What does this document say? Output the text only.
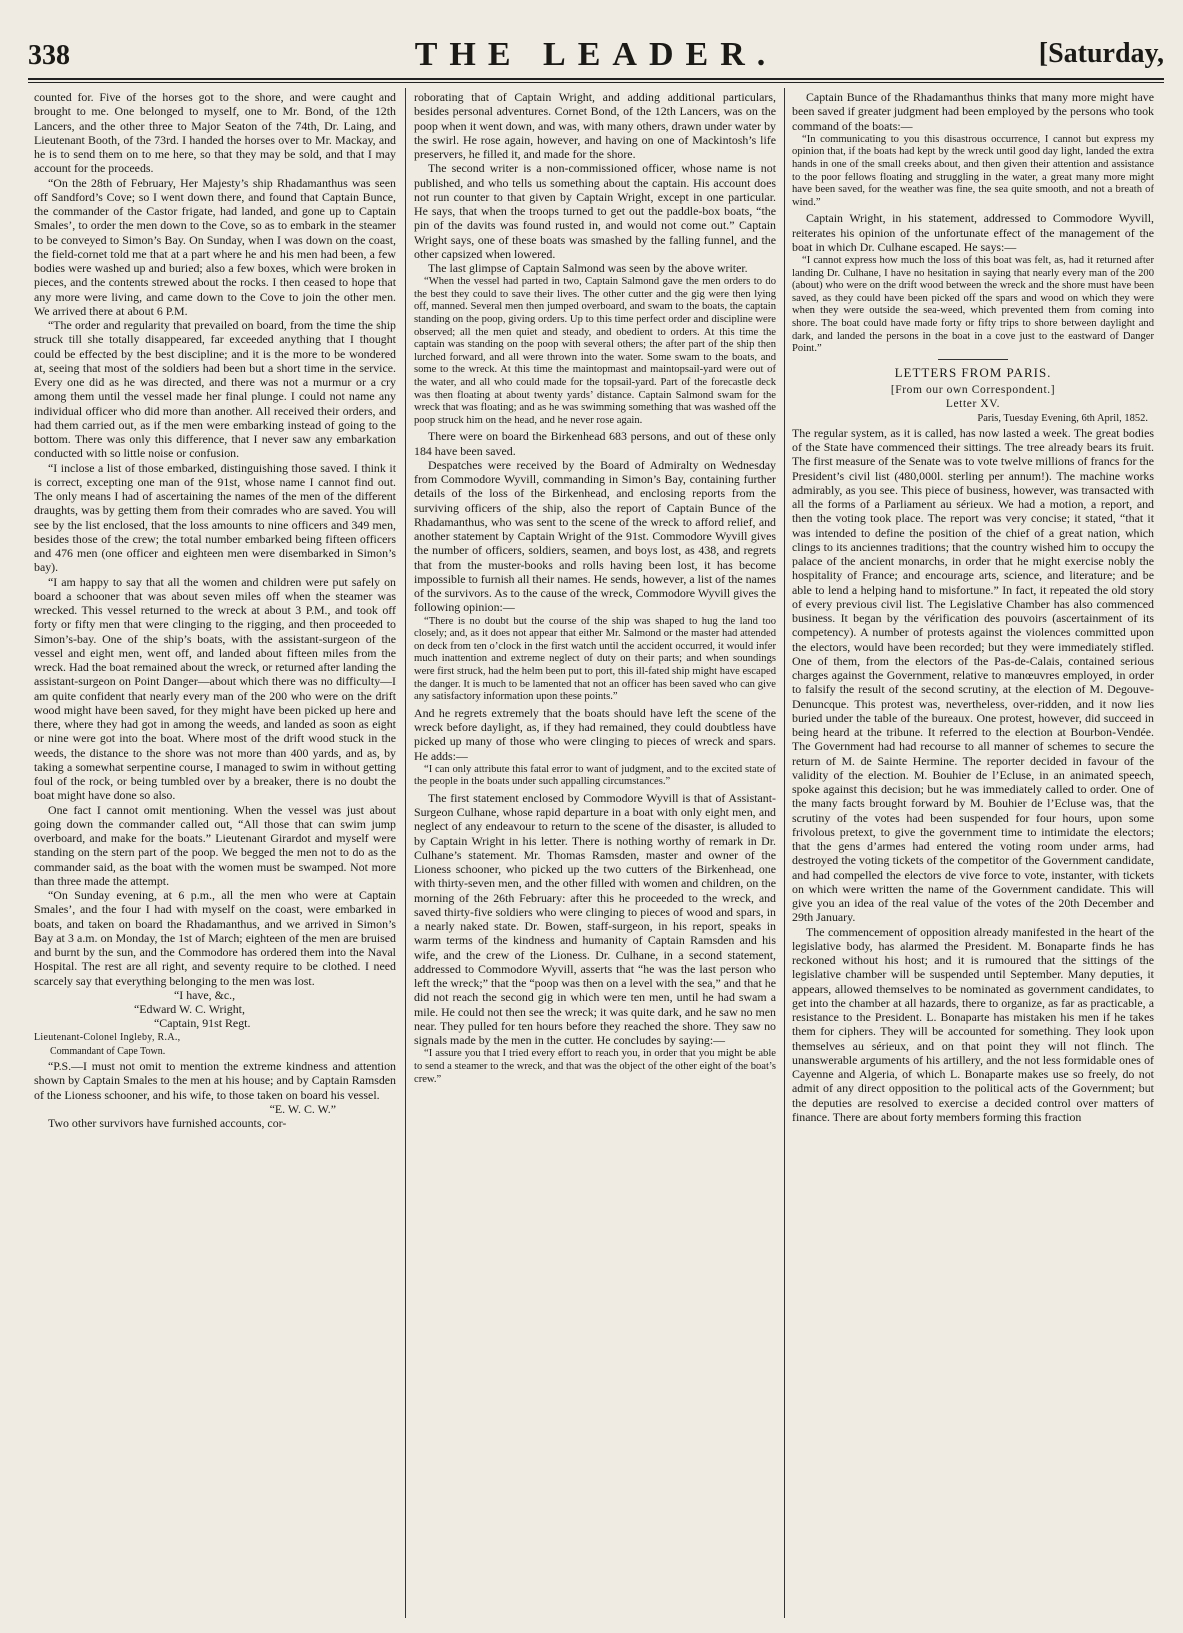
338	THE LEADER.	[Saturday,

counted for. Five of the horses got to the shore, and were caught and brought to me. One belonged to myself, one to Mr. Bond, of the 12th Lancers, and the other three to Major Seaton of the 74th, Dr. Laing, and Lieutenant Booth, of the 73rd. I handed the horses over to Mr. Mackay, and he is to send them on to me here, so that they may be sold, and that I may account for the proceeds.

“On the 28th of February, Her Majesty’s ship Rhadamanthus was seen off Sandford’s Cove; so I went down there, and found that Captain Bunce, the commander of the Castor frigate, had landed, and gone up to Captain Smales’, to order the men down to the Cove, so as to embark in the steamer to be conveyed to Simon’s Bay. On Sunday, when I was down on the coast, the field-cornet told me that at a part where he and his men had been, a few bodies were washed up and buried; also a few boxes, which were broken in pieces, and the contents strewed about the rocks. I then ceased to hope that any more were living, and came down to the Cove to join the other men. We arrived there at about 6 P.M.

“The order and regularity that prevailed on board, from the time the ship struck till she totally disappeared, far exceeded anything that I thought could be effected by the best discipline; and it is the more to be wondered at, seeing that most of the soldiers had been but a short time in the service. Every one did as he was directed, and there was not a murmur or a cry among them until the vessel made her final plunge. I could not name any individual officer who did more than another. All received their orders, and had them carried out, as if the men were embarking instead of going to the bottom. There was only this difference, that I never saw any embarkation conducted with so little noise or confusion.

“I inclose a list of those embarked, distinguishing those saved. I think it is correct, excepting one man of the 91st, whose name I cannot find out. The only means I had of ascertaining the names of the men of the different draughts, was by getting them from their comrades who are saved. You will see by the list enclosed, that the loss amounts to nine officers and 349 men, besides those of the crew; the total number embarked being fifteen officers and 476 men (one officer and eighteen men were disembarked in Simon’s bay).

“I am happy to say that all the women and children were put safely on board a schooner that was about seven miles off when the steamer was wrecked. This vessel returned to the wreck at about 3 P.M., and took off forty or fifty men that were clinging to the rigging, and then proceeded to Simon’s-bay. One of the ship’s boats, with the assistant-surgeon of the vessel and eight men, went off, and landed about fifteen miles from the wreck. Had the boat remained about the wreck, or returned after landing the assistant-surgeon on Point Danger—about which there was no difficulty—I am quite confident that nearly every man of the 200 who were on the drift wood might have been saved, for they might have been picked up here and there, where they had got in among the weeds, and landed as soon as eight or nine were got into the boat. Where most of the drift wood stuck in the weeds, the distance to the shore was not more than 400 yards, and as, by taking a somewhat serpentine course, I managed to swim in without getting foul of the rock, or being tumbled over by a breaker, there is no doubt the boat might have done so also.

One fact I cannot omit mentioning. When the vessel was just about going down the commander called out, “All those that can swim jump overboard, and make for the boats.” Lieutenant Girardot and myself were standing on the stern part of the poop. We begged the men not to do as the commander said, as the boat with the women must be swamped. Not more than three made the attempt.

“On Sunday evening, at 6 p.m., all the men who were at Captain Smales’, and the four I had with myself on the coast, were embarked in boats, and taken on board the Rhadamanthus, and we arrived in Simon’s Bay at 3 a.m. on Monday, the 1st of March; eighteen of the men are bruised and burnt by the sun, and the Commodore has ordered them into the Naval Hospital. The rest are all right, and seventy require to be clothed. I need scarcely say that everything belonging to the men was lost.

“I have, &c.,

“Edward W. C. Wright,

“Captain, 91st Regt.

Lieutenant-Colonel Ingleby, R.A.,

Commandant of Cape Town.

“P.S.—I must not omit to mention the extreme kindness and attention shown by Captain Smales to the men at his house; and by Captain Ramsden of the Lioness schooner, and his wife, to those taken on board his vessel.

“E. W. C. W.”

Two other survivors have furnished accounts, cor-

roborating that of Captain Wright, and adding additional particulars, besides personal adventures. Cornet Bond, of the 12th Lancers, was on the poop when it went down, and was, with many others, drawn under water by the swirl. He rose again, however, and having on one of Mackintosh’s life preservers, he filled it, and made for the shore.

The second writer is a non-commissioned officer, whose name is not published, and who tells us something about the captain. His account does not run counter to that given by Captain Wright, except in one particular. He says, that when the troops turned to get out the paddle-box boats, “the pin of the davits was found rusted in, and would not come out.” Captain Wright says, one of these boats was smashed by the falling funnel, and the other capsized when lowered.

The last glimpse of Captain Salmond was seen by the above writer.

“When the vessel had parted in two, Captain Salmond gave the men orders to do the best they could to save their lives. The other cutter and the gig were then lying off, manned. Several men then jumped overboard, and swam to the boats, the captain standing on the poop, giving orders. Up to this time perfect order and discipline were observed; all the men quiet and steady, and obedient to orders. At this time the captain was standing on the poop with several others; the after part of the ship then lurched forward, and all were thrown into the water. Some swam to the boats, and some to the wreck. At this time the maintopmast and maintopsail-yard were out of the water, and all who could made for the topsail-yard. Part of the forecastle deck was then floating at about twenty yards’ distance. Captain Salmond swam for the wreck that was floating; and as he was swimming something that was washed off the poop struck him on the head, and he never rose again.

There were on board the Birkenhead 683 persons, and out of these only 184 have been saved.

Despatches were received by the Board of Admiralty on Wednesday from Commodore Wyvill, commanding in Simon’s Bay, containing further details of the loss of the Birkenhead, and enclosing reports from the surviving officers of the ship, also the report of Captain Bunce of the Rhadamanthus, who was sent to the scene of the wreck to afford relief, and another statement by Captain Wright of the 91st. Commodore Wyvill gives the number of officers, soldiers, seamen, and boys lost, as 438, and regrets that from the muster-books and rolls having been lost, it has become impossible to furnish all their names. He sends, however, a list of the names of the survivors. As to the cause of the wreck, Commodore Wyvill gives the following opinion:—

“There is no doubt but the course of the ship was shaped to hug the land too closely; and, as it does not appear that either Mr. Salmond or the master had attended on deck from ten o’clock in the first watch until the accident occurred, it would infer much inattention and extreme neglect of duty on their parts; and when soundings were first struck, had the helm been put to port, this ill-fated ship might have escaped the danger. It is much to be lamented that not an officer has been saved who can give any satisfactory information upon these points.”

And he regrets extremely that the boats should have left the scene of the wreck before daylight, as, if they had remained, they could doubtless have picked up many of those who were clinging to pieces of wreck and spars. He adds:—

“I can only attribute this fatal error to want of judgment, and to the excited state of the people in the boats under such appalling circumstances.”

The first statement enclosed by Commodore Wyvill is that of Assistant-Surgeon Culhane, whose rapid departure in a boat with only eight men, and neglect of any endeavour to return to the scene of the disaster, is alluded to by Captain Wright in his letter. There is nothing worthy of remark in Dr. Culhane’s statement. Mr. Thomas Ramsden, master and owner of the Lioness schooner, who picked up the two cutters of the Birkenhead, one with thirty-seven men, and the other filled with women and children, on the morning of the 26th February: after this he proceeded to the wreck, and saved thirty-five soldiers who were clinging to pieces of wood and spars, in a nearly naked state. Dr. Bowen, staff-surgeon, in his report, speaks in warm terms of the kindness and humanity of Captain Ramsden and his wife, and the crew of the Lioness. Dr. Culhane, in a second statement, addressed to Commodore Wyvill, asserts that “he was the last person who left the wreck;” that the “poop was then on a level with the sea,” and that he did not reach the second gig in which were ten men, until he had swam a mile. He could not then see the wreck; it was quite dark, and he saw no men near. They pulled for ten hours before they reached the shore. They saw no signals made by the men in the cutter. He concludes by saying:—

“I assure you that I tried every effort to reach you, in order that you might be able to send a steamer to the wreck, and that was the object of the other eight of the boat’s crew.”

Captain Bunce of the Rhadamanthus thinks that many more might have been saved if greater judgment had been employed by the persons who took command of the boats:—

“In communicating to you this disastrous occurrence, I cannot but express my opinion that, if the boats had kept by the wreck until good day light, landed the extra hands in one of the small creeks about, and then given their attention and assistance to the poor fellows floating and struggling in the water, a great many more might have been saved, for the weather was fine, the sea quite smooth, and not a breath of wind.”

Captain Wright, in his statement, addressed to Commodore Wyvill, reiterates his opinion of the unfortunate effect of the management of the boat in which Dr. Culhane escaped. He says:—

“I cannot express how much the loss of this boat was felt, as, had it returned after landing Dr. Culhane, I have no hesitation in saying that nearly every man of the 200 (about) who were on the drift wood between the wreck and the shore must have been saved, as they could have been picked off the spars and wood on which they were when they were outside the sea-weed, which prevented them from coming into shore. The boat could have made forty or fifty trips to shore between daylight and dark, and landed the persons in the boat in a cove just to the eastward of Danger Point.”

LETTERS FROM PARIS.
[From our own Correspondent.]
Letter XV.
Paris, Tuesday Evening, 6th April, 1852.

The regular system, as it is called, has now lasted a week. The great bodies of the State have commenced their sittings. The tree already bears its fruit. The first measure of the Senate was to vote twelve millions of francs for the President’s civil list (480,000l. sterling per annum!). The machine works admirably, as you see. This piece of business, however, was transacted with all the forms of a Parliament au sérieux. We had a motion, a report, and then the voting took place. The report was very concise; it stated, “that it was intended to define the position of the chief of a great nation, which clings to its anciennes traditions; that the country wished him to occupy the palace of the ancient monarchs, in order that he might exercise nobly the hospitality of France; and encourage arts, science, and literature; and be able to lend a helping hand to misfortune.” In fact, it repeated the old story of every previous civil list. The Legislative Chamber has also commenced business. It began by the vérification des pouvoirs (ascertainment of its competency). A number of protests against the violences committed upon the electors, would have been recorded; but they were immediately stifled. One of them, from the electors of the Pas-de-Calais, contained serious charges against the Government, relative to manœuvres employed, in order to falsify the result of the second scrutiny, at the election of M. Degouve-Denuncque. This protest was, nevertheless, over-ridden, and it now lies buried under the table of the bureaux. One protest, however, did succeed in being heard at the tribune. It referred to the election at Bourbon-Vendée. The Government had had recourse to all manner of schemes to secure the return of M. de Sainte Hermine. The reporter decided in favour of the validity of the election. M. Bouhier de l’Ecluse, in an animated speech, spoke against this decision; but he was immediately called to order. One of the many facts brought forward by M. Bouhier de l’Ecluse was, that the scrutiny of the votes had been suspended for four hours, upon some frivolous pretext, to give the government time to intimidate the electors; that the gens d’armes had entered the voting room under arms, had destroyed the voting tickets of the competitor of the Government candidate, and had compelled the electors de vive force to vote, instanter, with tickets on which were written the name of the Government candidate. This will give you an idea of the real value of the votes of the 20th December and 29th January.

The commencement of opposition already manifested in the heart of the legislative body, has alarmed the President. M. Bonaparte finds he has reckoned without his host; and it is rumoured that the sittings of the legislative chamber will be suspended until September. Many deputies, it appears, allowed themselves to be nominated as government candidates, to get into the chamber at all hazards, there to organize, as far as practicable, a resistance to the President. L. Bonaparte has mistaken his men if he takes them for ciphers. They will be accounted for something. They look upon themselves au sérieux, and on that point they will not flinch. The unanswerable arguments of his artillery, and the not less formidable ones of Cayenne and Algeria, of which L. Bonaparte makes use so freely, do not admit of any direct opposition to the political acts of the Government; but the deputies are resolved to exercise a decided control over matters of finance. There are about forty members forming this fraction
